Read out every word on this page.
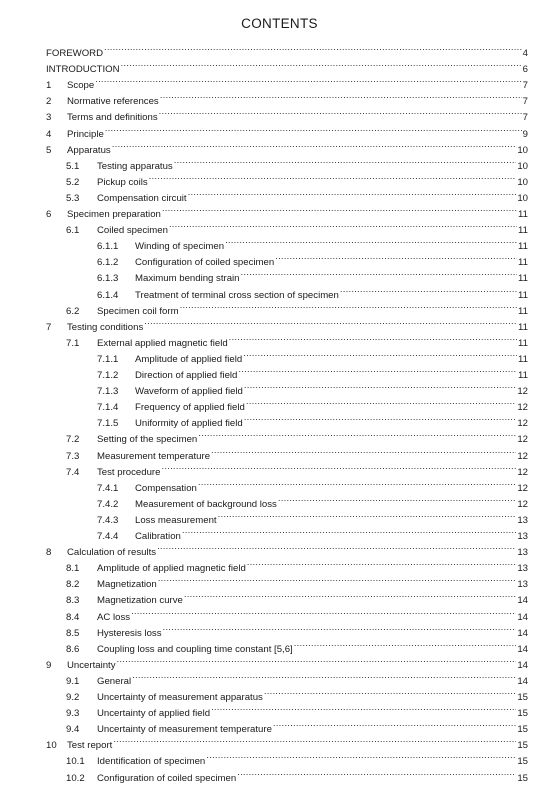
CONTENTS
FOREWORD .....	4
INTRODUCTION .....	6
1	Scope .....	7
2	Normative references .....	7
3	Terms and definitions .....	7
4	Principle .....	9
5	Apparatus .....	10
5.1	Testing apparatus .....	10
5.2	Pickup coils .....	10
5.3	Compensation circuit .....	10
6	Specimen preparation .....	11
6.1	Coiled specimen .....	11
6.1.1	Winding of specimen .....	11
6.1.2	Configuration of coiled specimen .....	11
6.1.3	Maximum bending strain .....	11
6.1.4	Treatment of terminal cross section of specimen .....	11
6.2	Specimen coil form .....	11
7	Testing conditions .....	11
7.1	External applied magnetic field .....	11
7.1.1	Amplitude of applied field .....	11
7.1.2	Direction of applied field .....	11
7.1.3	Waveform of applied field .....	12
7.1.4	Frequency of applied field .....	12
7.1.5	Uniformity of applied field .....	12
7.2	Setting of the specimen .....	12
7.3	Measurement temperature .....	12
7.4	Test procedure .....	12
7.4.1	Compensation .....	12
7.4.2	Measurement of background loss .....	12
7.4.3	Loss measurement .....	13
7.4.4	Calibration .....	13
8	Calculation of results .....	13
8.1	Amplitude of applied magnetic field .....	13
8.2	Magnetization .....	13
8.3	Magnetization curve .....	14
8.4	AC loss .....	14
8.5	Hysteresis loss .....	14
8.6	Coupling loss and coupling time constant [5,6] .....	14
9	Uncertainty .....	14
9.1	General .....	14
9.2	Uncertainty of measurement apparatus .....	15
9.3	Uncertainty of applied field .....	15
9.4	Uncertainty of measurement temperature .....	15
10	Test report .....	15
10.1	Identification of specimen .....	15
10.2	Configuration of coiled specimen .....	15
